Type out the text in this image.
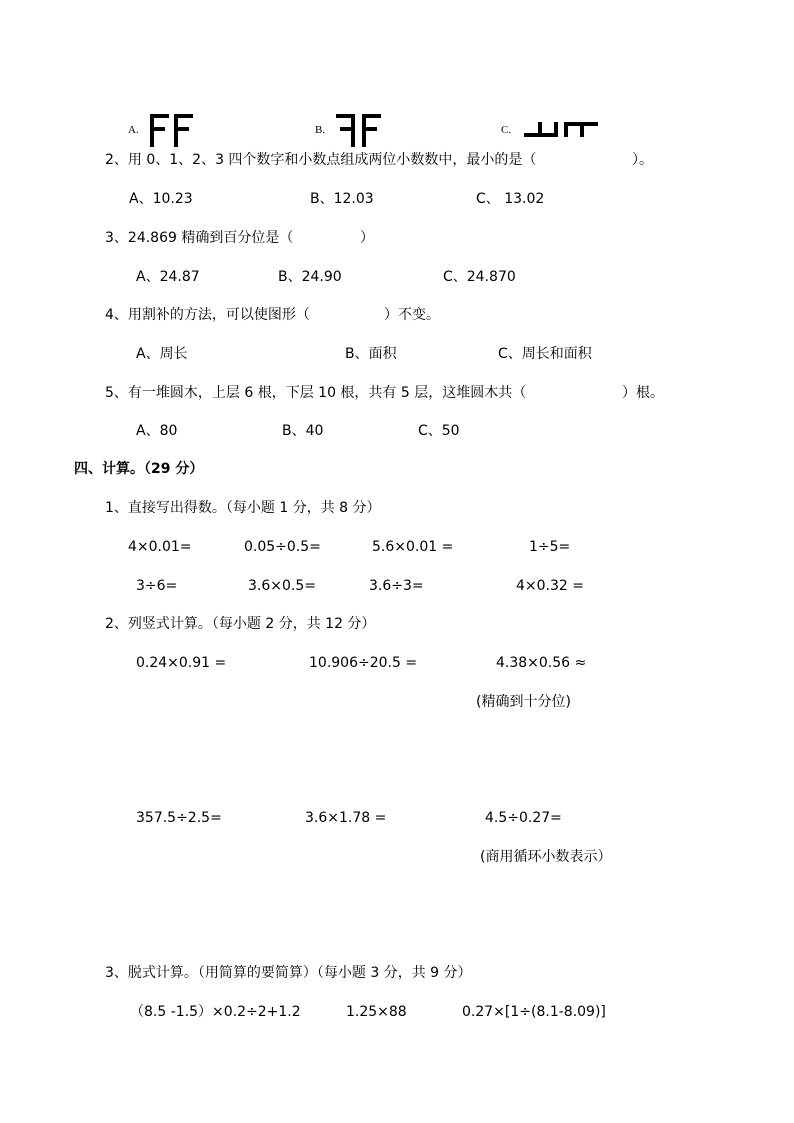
A.	B.	C.
2、用 0、1、2、3 四个数字和小数点组成两位小数数中，最小的是（	）。
A、10.23	B、12.03	C、 13.02
3、24.869 精确到百分位是（	）
A、24.87	B、24.90	C、24.870
4、用割补的方法，可以使图形（	）不变。
A、周长	B、面积	C、周长和面积
5、有一堆圆木，上层 6 根，下层 10 根，共有 5 层，这堆圆木共（	）根。
A、80	B、40	C、50
四、计算。（29 分）
1、直接写出得数。（每小题 1 分，共 8 分）
4×0.01=	0.05÷0.5=	5.6×0.01 =	1÷5=
3÷6=	3.6×0.5=	3.6÷3=	4×0.32 =
2、列竖式计算。（每小题 2 分，共 12 分）
0.24×0.91 =	10.906÷20.5 =	4.38×0.56 ≈
(精确到十分位)
357.5÷2.5=	3.6×1.78 =	4.5÷0.27=
(商用循环小数表示）
3、脱式计算。（用简算的要简算）（每小题 3 分，共 9 分）
（8.5 -1.5）×0.2÷2+1.2	1.25×88	0.27×[1÷(8.1-8.09)]
